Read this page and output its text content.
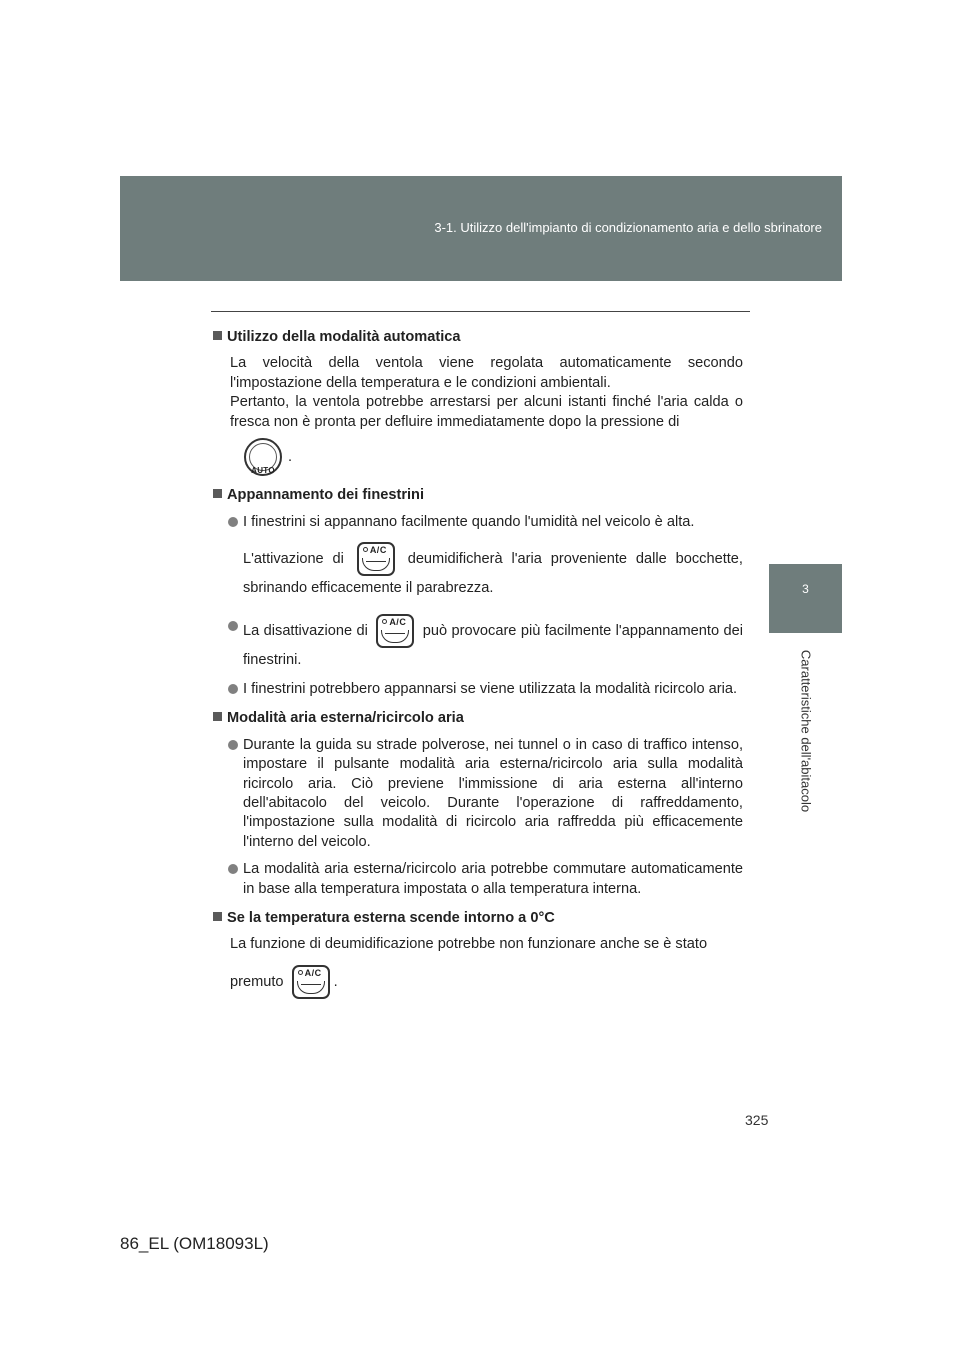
3-1. Utilizzo dell'impianto di condizionamento aria e dello sbrinatore
3
Caratteristiche dell'abitacolo
Utilizzo della modalità automatica
La velocità della ventola viene regolata automaticamente secondo l'impostazione della temperatura e le condizioni ambientali.
Pertanto, la ventola potrebbe arrestarsi per alcuni istanti finché l'aria calda o fresca non è pronta per defluire immediatamente dopo la pressione di
AUTO
.
Appannamento dei finestrini
I finestrini si appannano facilmente quando l'umidità nel veicolo è alta.
L'attivazione di
A/C
deumidificherà l'aria proveniente dalle bocchette, sbrinando efficacemente il parabrezza.
La disattivazione di
A/C
può provocare più facilmente l'appannamento dei finestrini.
I finestrini potrebbero appannarsi se viene utilizzata la modalità ricircolo aria.
Modalità aria esterna/ricircolo aria
Durante la guida su strade polverose, nei tunnel o in caso di traffico intenso, impostare il pulsante modalità aria esterna/ricircolo aria sulla modalità ricircolo aria. Ciò previene l'immissione di aria esterna all'interno dell'abitacolo del veicolo. Durante l'operazione di raffreddamento, l'impostazione sulla modalità di ricircolo aria raffredda più efficacemente l'interno del veicolo.
La modalità aria esterna/ricircolo aria potrebbe commutare automaticamente in base alla temperatura impostata o alla temperatura interna.
Se la temperatura esterna scende intorno a 0°C
La funzione di deumidificazione potrebbe non funzionare anche se è stato
premuto
A/C
.
325
86_EL (OM18093L)
